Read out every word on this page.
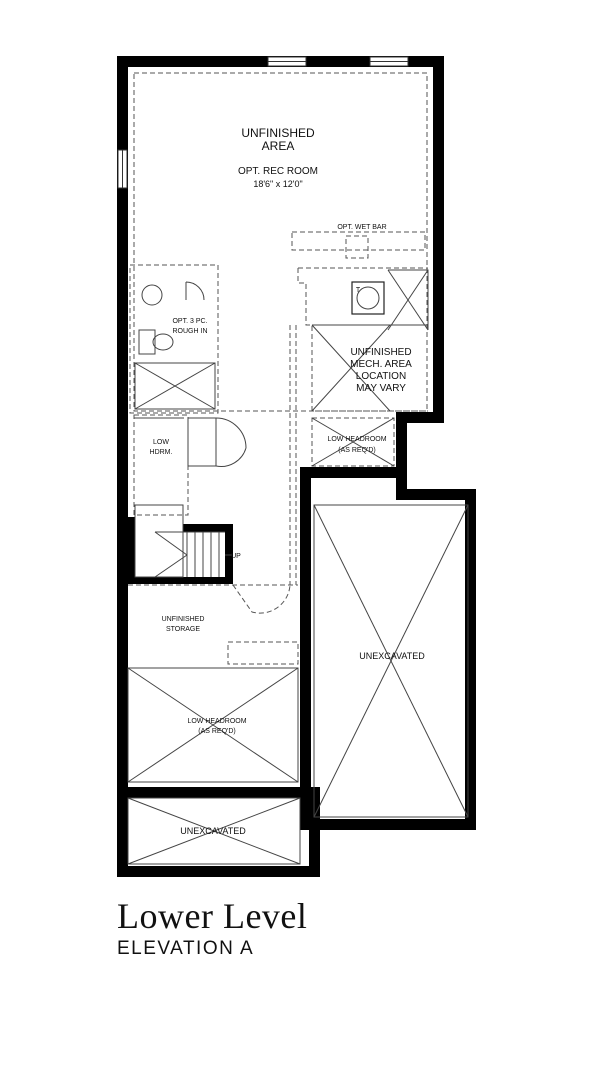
UNFINISHED
AREA
OPT. REC ROOM
18'6" x 12'0"
OPT. WET BAR
OPT. 3 PC.
ROUGH IN
T
UNFINISHED
MECH. AREA
LOCATION
MAY VARY
LOW
HDRM.
LOW HEADROOM
(AS REQ'D)
UP
UNFINISHED
STORAGE
LOW HEADROOM
(AS REQ'D)
UNEXCAVATED
UNEXCAVATED
Lower Level
ELEVATION A
